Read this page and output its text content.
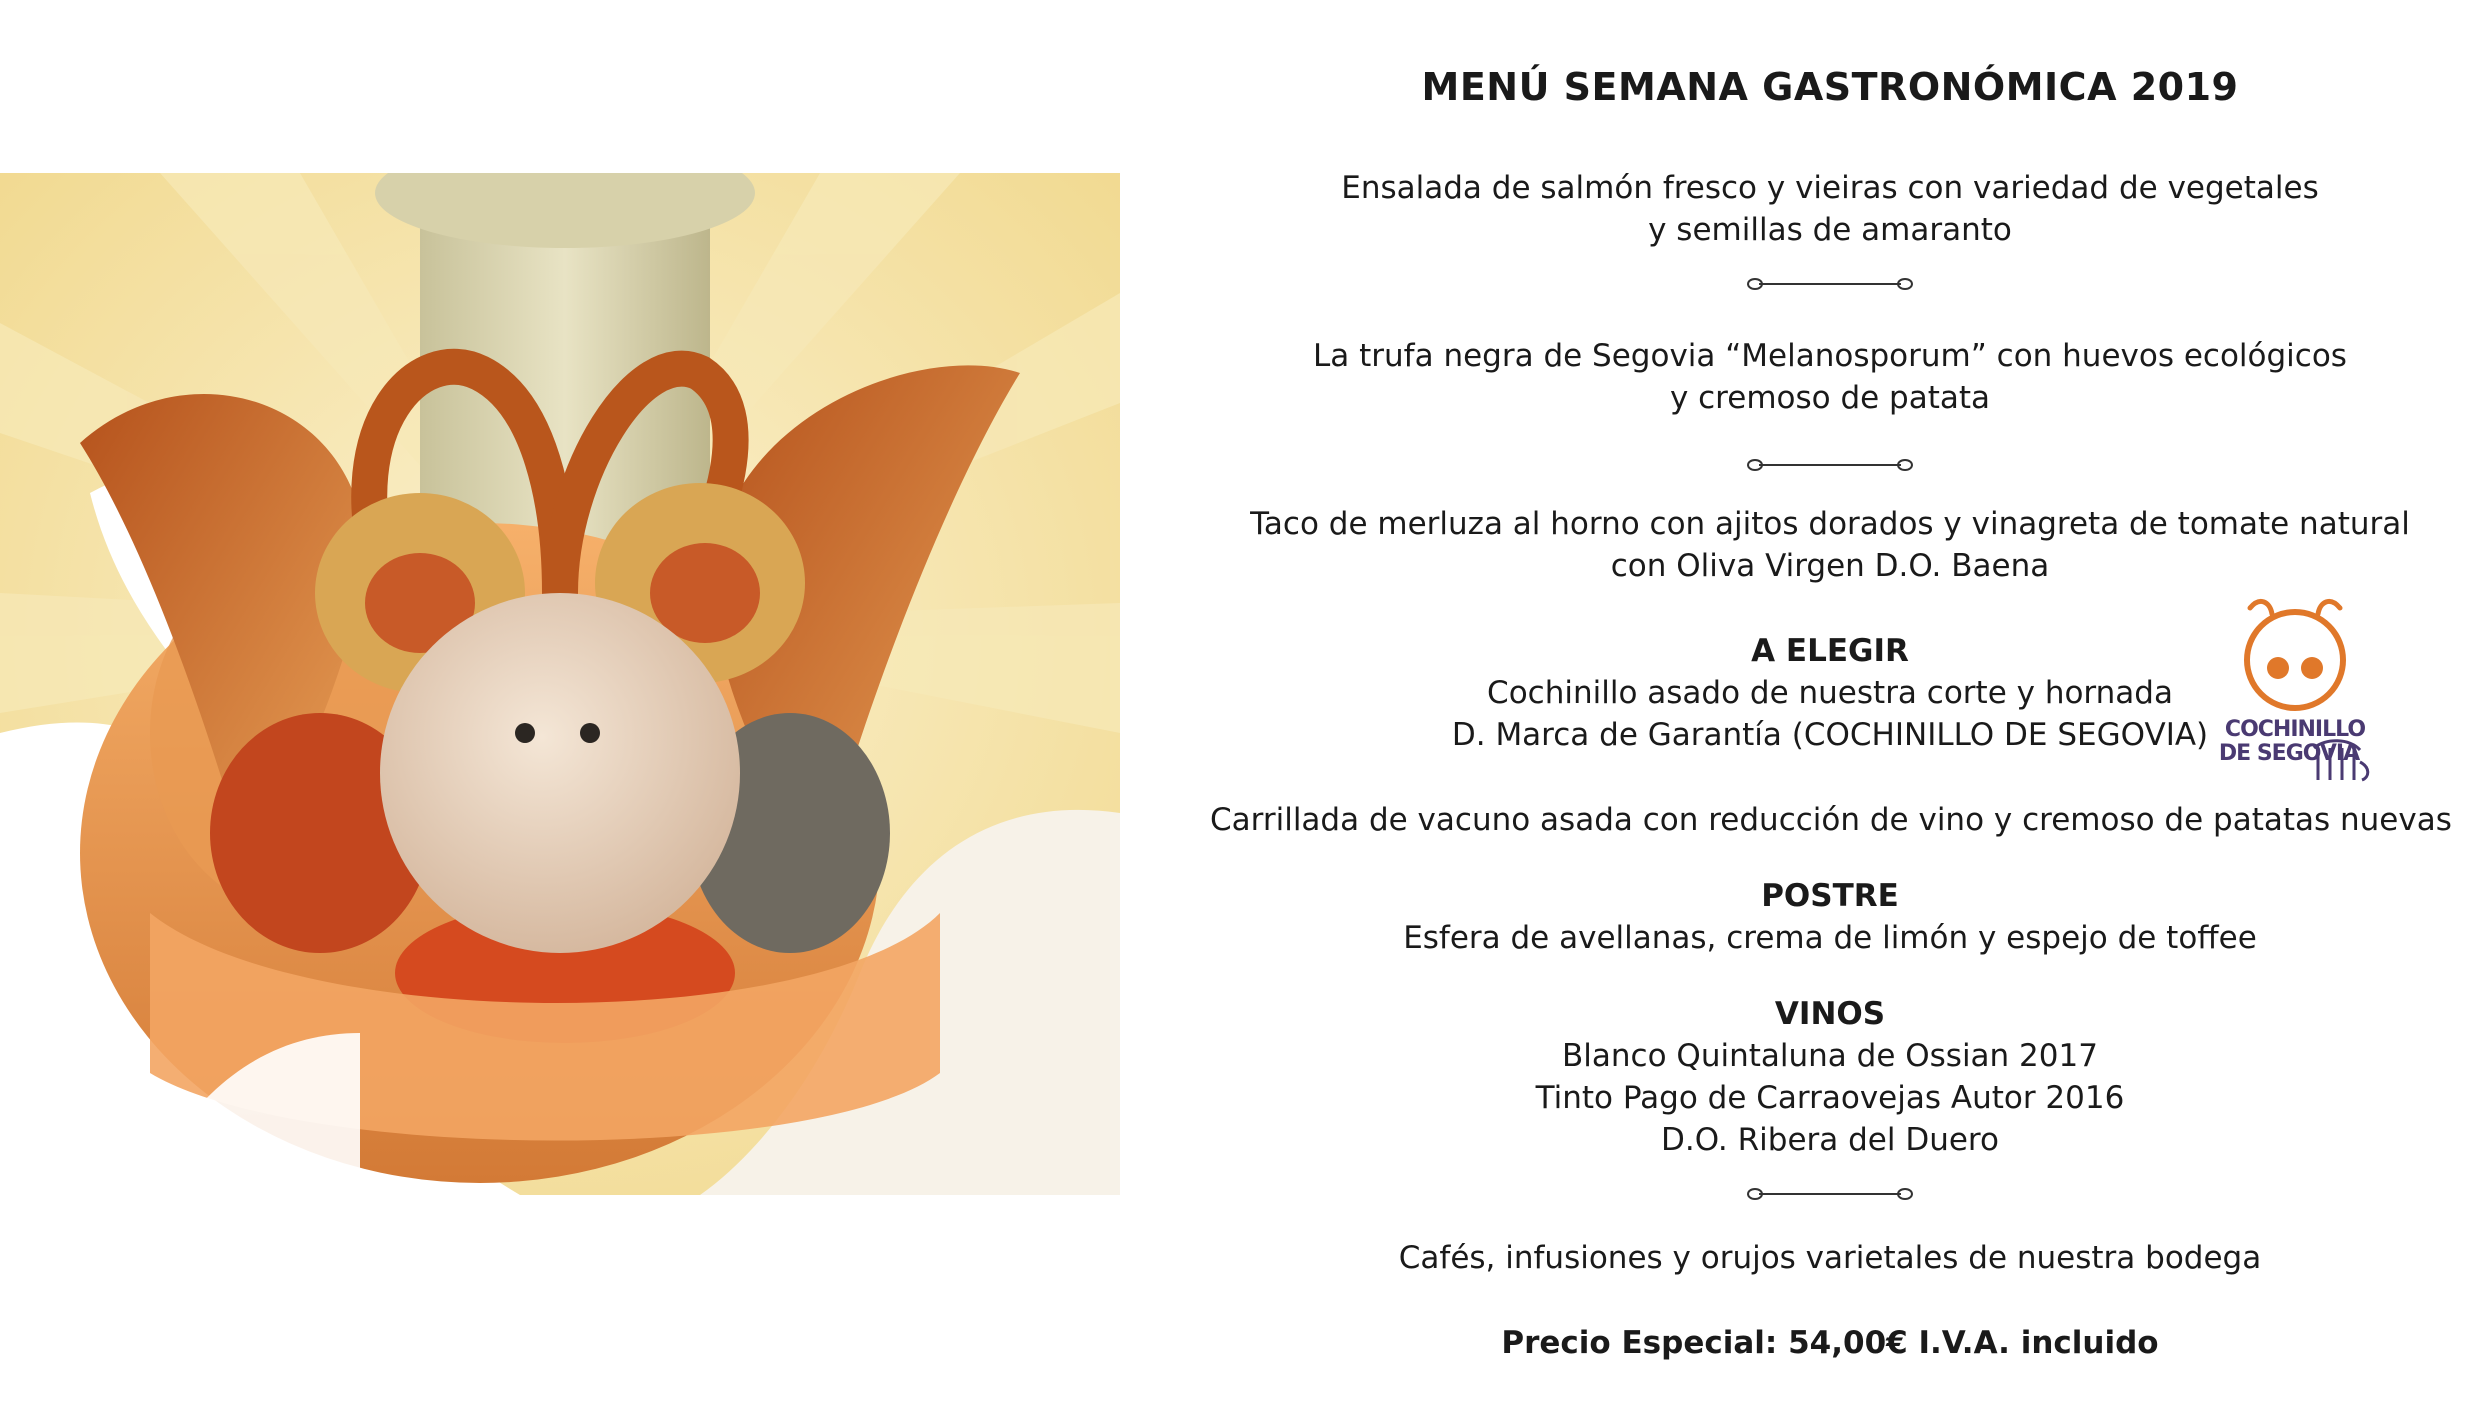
MENÚ SEMANA GASTRONÓMICA 2019
Ensalada de salmón fresco y vieiras con variedad de vegetales
y semillas de amaranto
La trufa negra de Segovia “Melanosporum” con huevos ecológicos
y cremoso de patata
Taco de merluza al horno con ajitos dorados y vinagreta de tomate natural
con Oliva Virgen D.O. Baena
A ELEGIR
Cochinillo asado de nuestra corte y hornada
D. Marca de Garantía (COCHINILLO DE SEGOVIA)
Carrillada de vacuno asada con reducción de vino y cremoso de patatas nuevas
POSTRE
Esfera de avellanas, crema de limón y espejo de toffee
VINOS
Blanco Quintaluna de Ossian 2017
Tinto Pago de Carraovejas Autor 2016
D.O. Ribera del Duero
Cafés, infusiones y orujos varietales de nuestra bodega
Precio Especial: 54,00€ I.V.A. incluido
COCHINILLO
DE SEGOVIA
